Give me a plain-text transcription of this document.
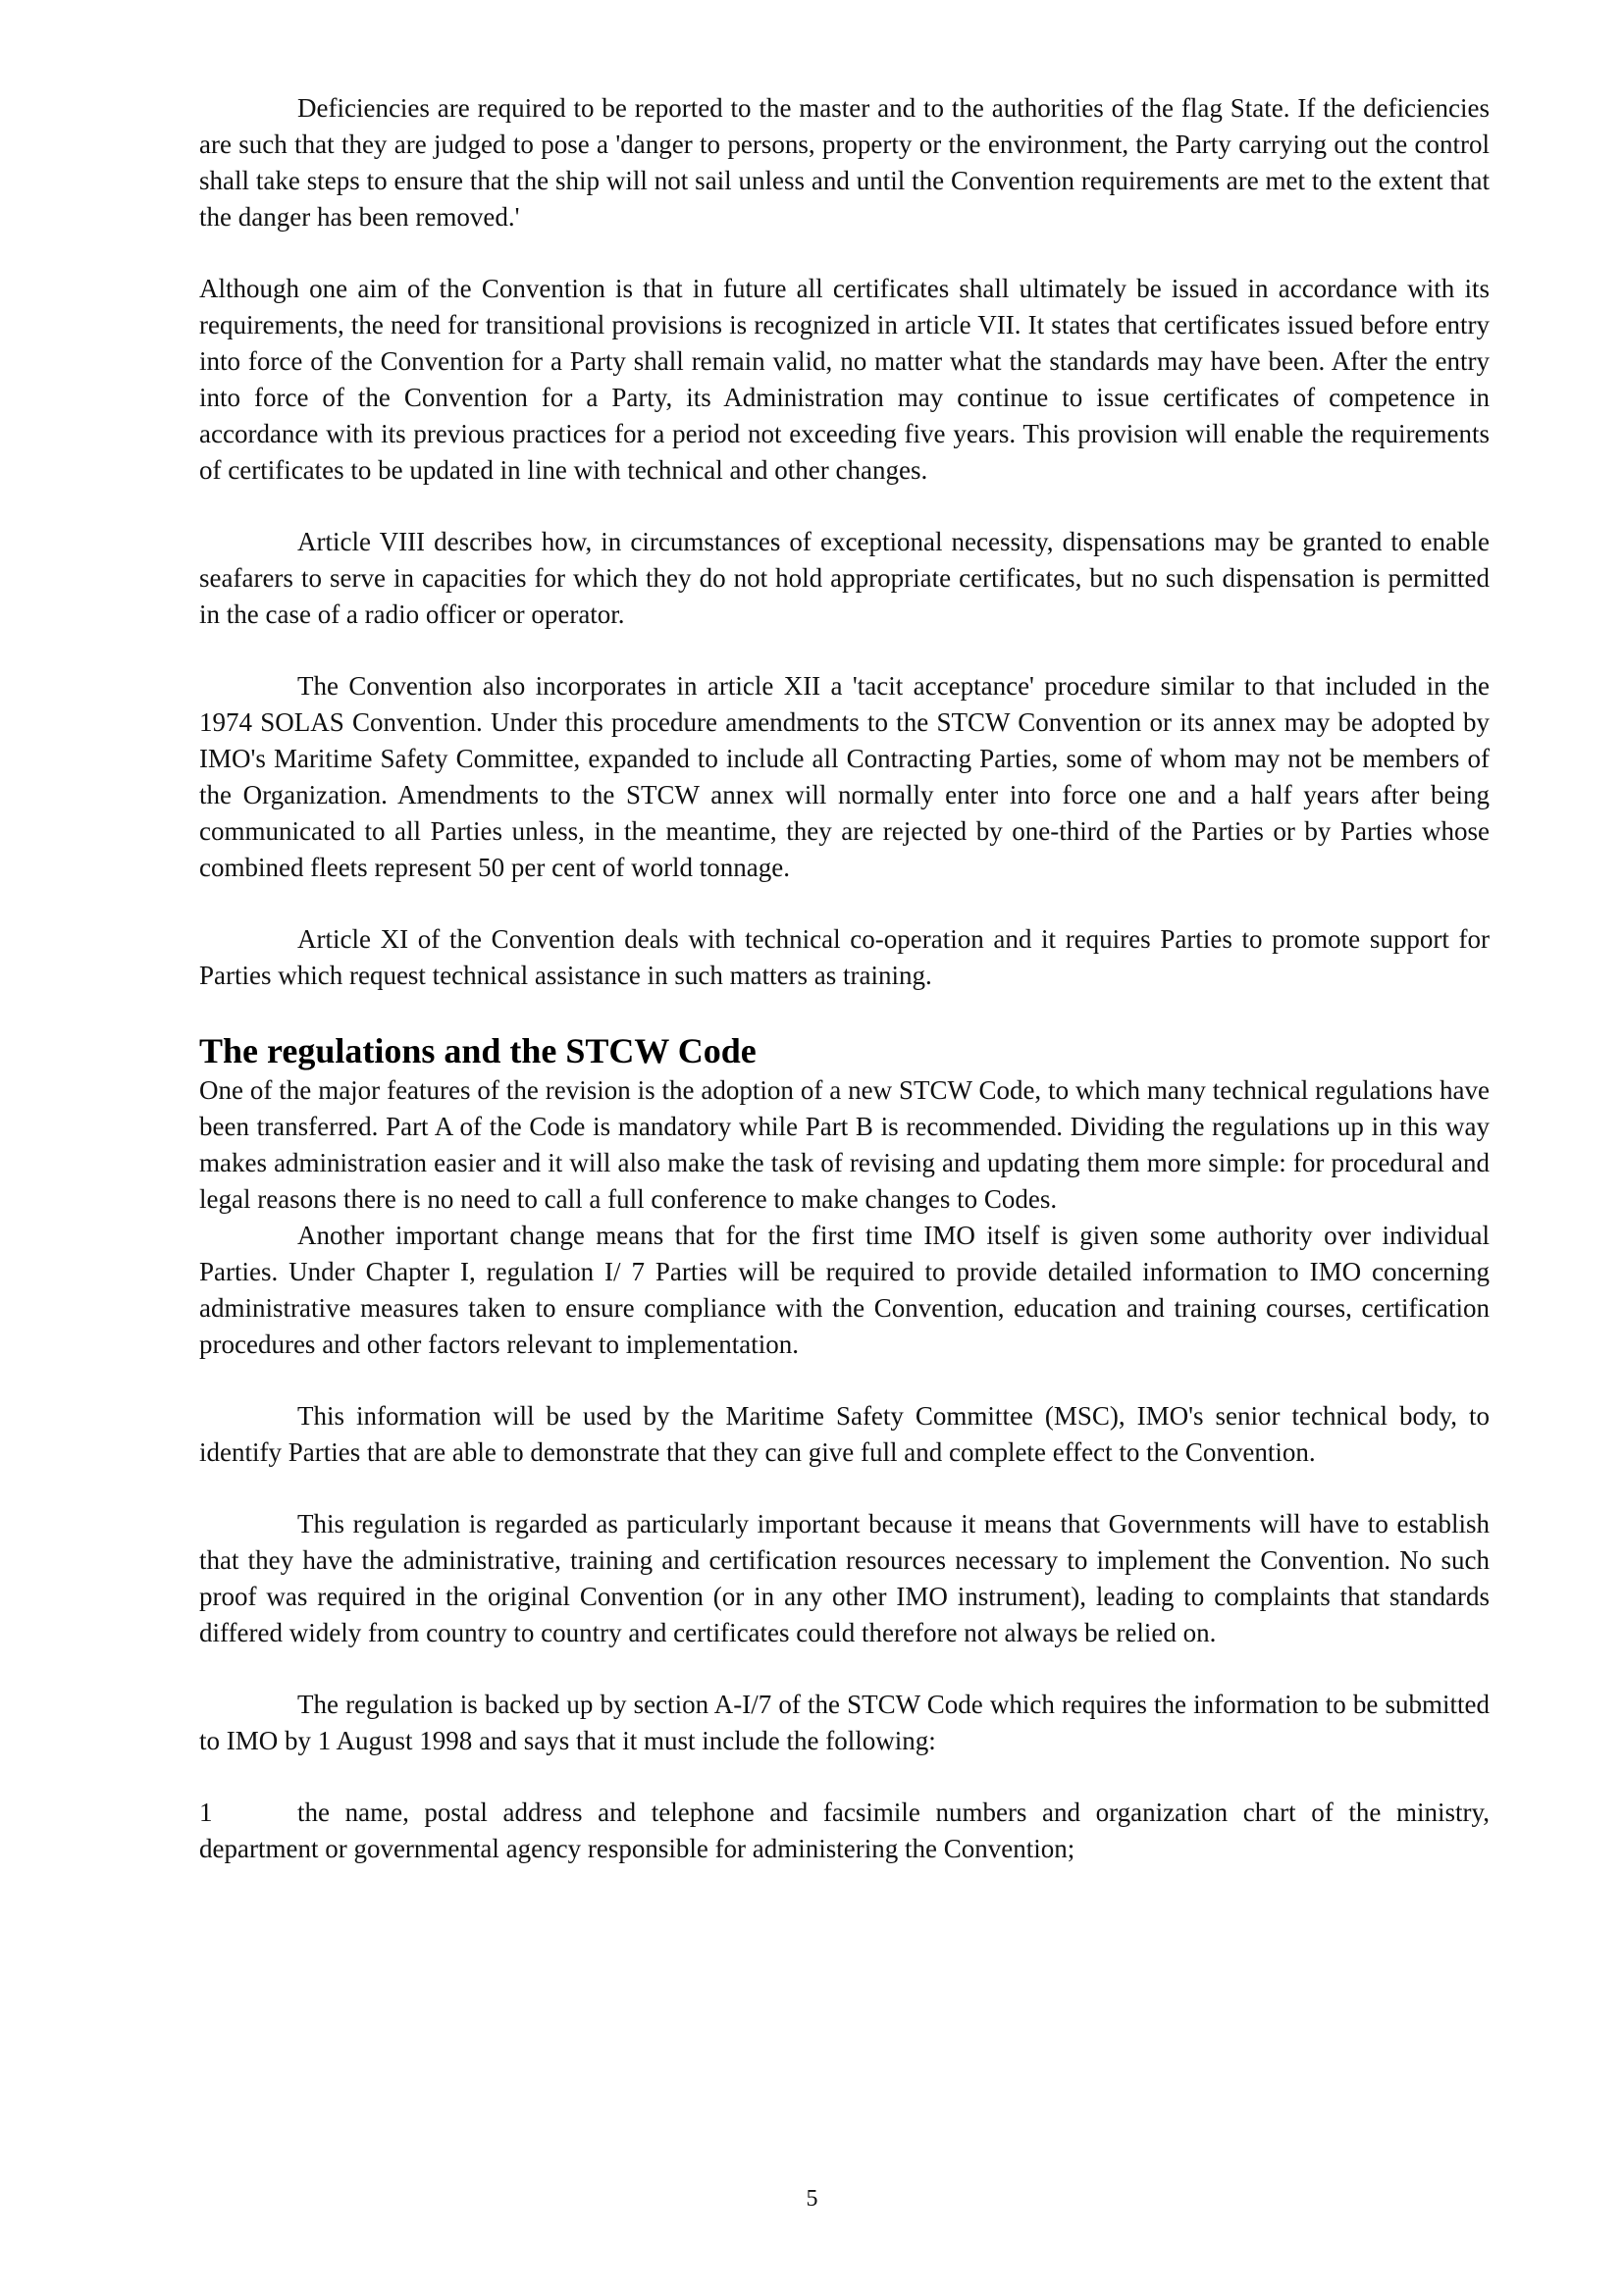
Deficiencies are required to be reported to the master and to the authorities of the flag State. If the deficiencies are such that they are judged to pose a 'danger to persons, property or the environment, the Party carrying out the control shall take steps to ensure that the ship will not sail unless and until the Convention requirements are met to the extent that the danger has been removed.'

Although one aim of the Convention is that in future all certificates shall ultimately be issued in accordance with its requirements, the need for transitional provisions is recognized in article VII. It states that certificates issued before entry into force of the Convention for a Party shall remain valid, no matter what the standards may have been. After the entry into force of the Convention for a Party, its Administration may continue to issue certificates of competence in accordance with its previous practices for a period not exceeding five years. This provision will enable the requirements of certificates to be updated in line with technical and other changes.

Article VIII describes how, in circumstances of exceptional necessity, dispensations may be granted to enable seafarers to serve in capacities for which they do not hold appropriate certificates, but no such dispensation is permitted in the case of a radio officer or operator.

The Convention also incorporates in article XII a 'tacit acceptance' procedure similar to that included in the 1974 SOLAS Convention. Under this procedure amendments to the STCW Convention or its annex may be adopted by IMO's Maritime Safety Committee, expanded to include all Contracting Parties, some of whom may not be members of the Organization. Amendments to the STCW annex will normally enter into force one and a half years after being communicated to all Parties unless, in the meantime, they are rejected by one-third of the Parties or by Parties whose combined fleets represent 50 per cent of world tonnage.

Article XI of the Convention deals with technical co-operation and it requires Parties to promote support for Parties which request technical assistance in such matters as training.

The regulations and the STCW Code

One of the major features of the revision is the adoption of a new STCW Code, to which many technical regulations have been transferred. Part A of the Code is mandatory while Part B is recommended. Dividing the regulations up in this way makes administration easier and it will also make the task of revising and updating them more simple: for procedural and legal reasons there is no need to call a full conference to make changes to Codes.

Another important change means that for the first time IMO itself is given some authority over individual Parties. Under Chapter I, regulation I/ 7 Parties will be required to provide detailed information to IMO concerning administrative measures taken to ensure compliance with the Convention, education and training courses, certification procedures and other factors relevant to implementation.

This information will be used by the Maritime Safety Committee (MSC), IMO's senior technical body, to identify Parties that are able to demonstrate that they can give full and complete effect to the Convention.

This regulation is regarded as particularly important because it means that Governments will have to establish that they have the administrative, training and certification resources necessary to implement the Convention. No such proof was required in the original Convention (or in any other IMO instrument), leading to complaints that standards differed widely from country to country and certificates could therefore not always be relied on.

The regulation is backed up by section A-I/7 of the STCW Code which requires the information to be submitted to IMO by 1 August 1998 and says that it must include the following:

1	the name, postal address and telephone and facsimile numbers and organization chart of the ministry, department or governmental agency responsible for administering the Convention;
5
